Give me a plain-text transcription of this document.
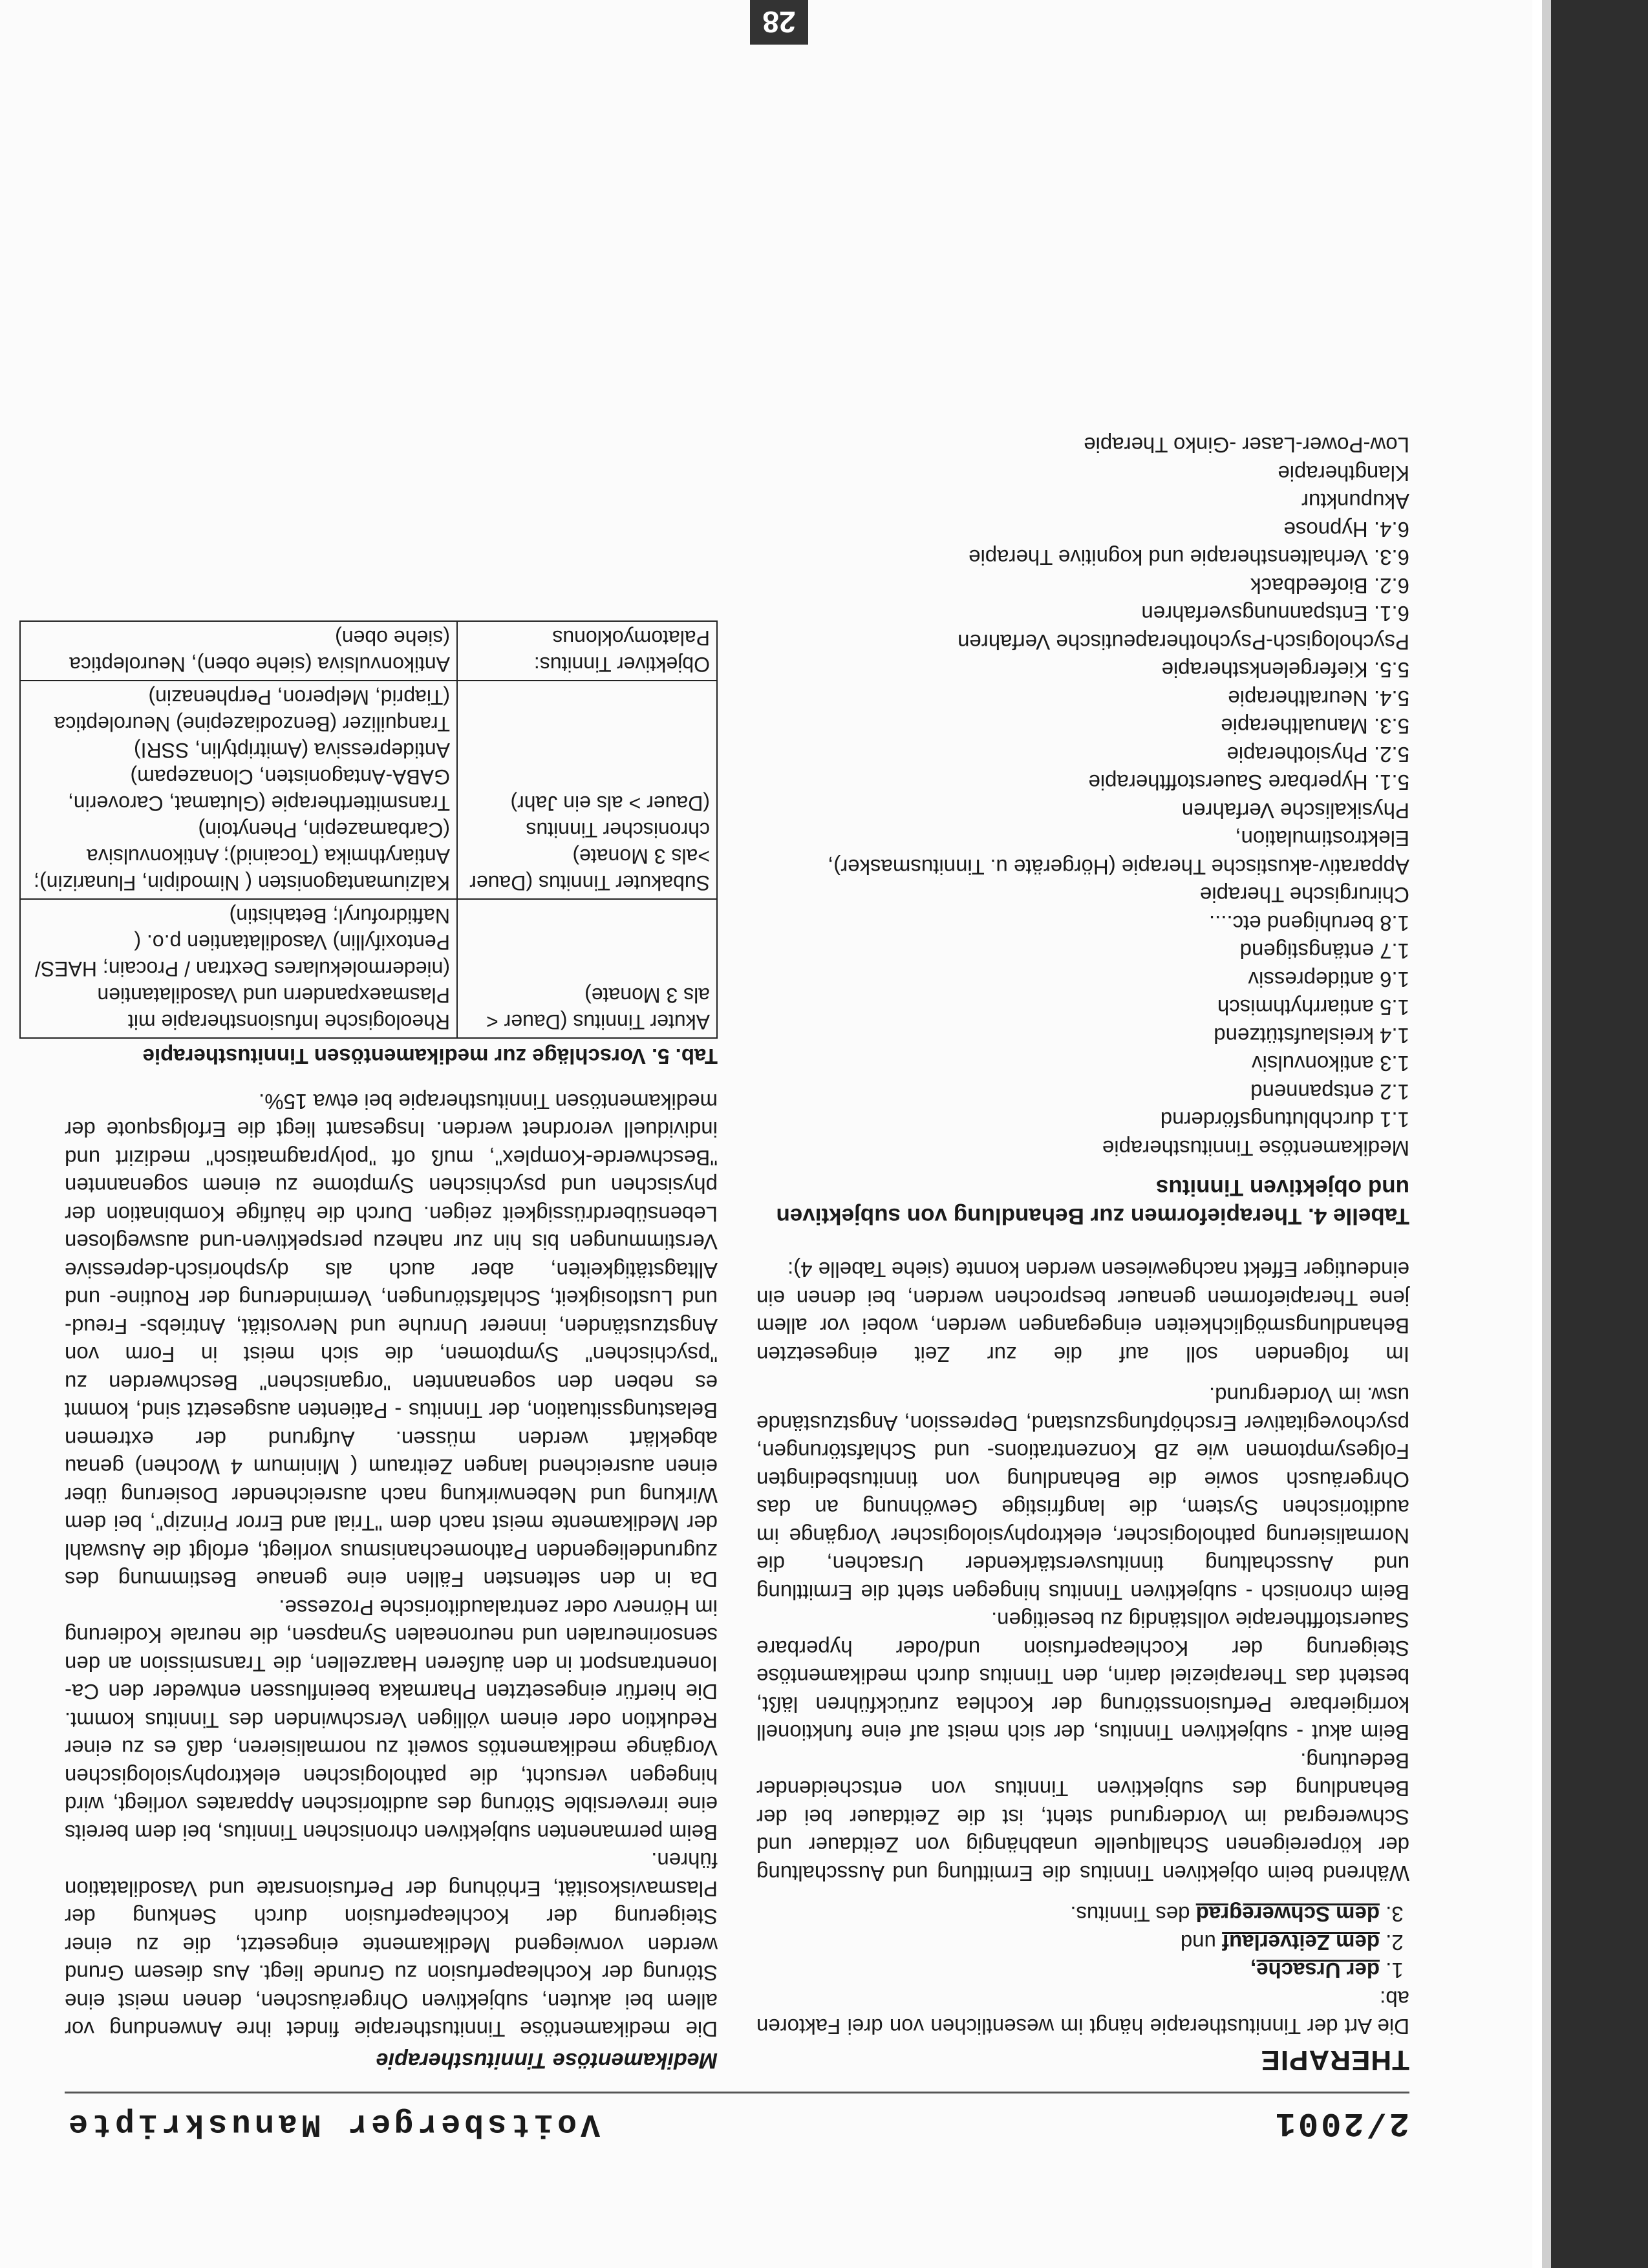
2/2001
Voitsberger Manuskripte
THERAPIE

Die Art der Tinnitustherapie hängt im wesentlichen von drei Faktoren ab:

1. der Ursache,
2. dem Zeitverlauf und
3. dem Schweregrad des Tinnitus.

Während beim objektiven Tinnitus die Ermittlung und Ausschaltung der körpereigenen Schallquelle unabhängig von Zeitdauer und Schweregrad im Vordergrund steht, ist die Zeitdauer bei der Behandlung des subjektiven Tinnitus von entscheidender Bedeutung.

Beim akut - subjektiven Tinnitus, der sich meist auf eine funktionell korrigierbare Perfusionsstörung der Kochlea zurückführen läßt, besteht das Therapieziel darin, den Tinnitus durch medikamentöse Steigerung der Kochleaperfusion und/oder hyperbare Sauerstofftherapie vollständig zu beseitigen.

Beim chronisch - subjektiven Tinnitus hingegen steht die Ermittlung und Ausschaltung tinnitusverstärkender Ursachen, die Normalisierung pathologischer, elektrophysiologischer Vorgänge im auditorischen System, die langfristige Gewöhnung an das Ohrgeräusch sowie die Behandlung von tinnitusbedingten Folgesymptomen wie zB Konzentrations- und Schlafstörungen, psychovegitativer Erschöpfungszustand, Depression, Angstzustände usw. im Vordergrund.

Im folgenden soll auf die zur Zeit eingesetzten Behandlungsmöglichkeiten eingegangen werden, wobei vor allem jene Therapieformen genauer besprochen werden, bei denen ein eindeutiger Effekt nachgewiesen werden konnte (siehe Tabelle 4):

Tabelle 4. Therapieformen zur Behandlung von subjektiven und objektiven Tinnitus
Medikamentöse Tinnitustherapie
1.1 durchblutungsfördernd
1.2 entspannend
1.3 antikonvulsiv
1.4 kreislaufstützend
1.5 antiarrhythmisch
1.6 antidepressiv
1.7 entängstigend
1.8 beruhigend etc....
Chirurgische Therapie
Apparativ-akustische Therapie (Hörgeräte u. Tinnitusmasker),
Elektrostimulation,
Physikalische Verfahren
5.1. Hyperbare Sauerstofftherapie
5.2. Physiotherapie
5.3. Manualtherapie
5.4. Neuraltherapie
5.5. Kiefergelenkstherapie
Psychologisch-Psychotherapeutische Verfahren
6.1. Entspannungsverfahren
6.2. Biofeedback
6.3. Verhaltenstherapie und kognitive Therapie
6.4. Hypnose
Akupunktur
Klangtherapie
Low-Power-Laser -Ginko Therapie
Medikamentöse Tinnitustherapie

Die medikamentöse Tinnitustherapie findet ihre Anwendung vor allem bei akuten, subjektiven Ohrgeräuschen, denen meist eine Störung der Kochleaperfusion zu Grunde liegt. Aus diesem Grund werden vorwiegend Medikamente eingesetzt, die zu einer Steigerung der Kochleaperfusion durch Senkung der Plasmaviskosität, Erhöhung der Perfusionsrate und Vasodilatation führen.

Beim permanenten subjektiven chronischen Tinnitus, bei dem bereits eine irreversible Störung des auditorischen Apparates vorliegt, wird hingegen versucht, die pathologischen elektrophysiologischen Vorgänge medikamentös soweit zu normalisieren, daß es zu einer Reduktion oder einem völligen Verschwinden des Tinnitus kommt. Die hierfür eingesetzten Pharmaka beeinflussen entweder den Ca-Ionentransport in den äußeren Haarzellen, die Transmission an den sensorineuralen und neuronealen Synapsen, die neurale Kodierung im Hörnerv oder zentralauditorische Prozesse.

Da in den seltensten Fällen eine genaue Bestimmung des zugrundeliegenden Pathomechanismus vorliegt, erfolgt die Auswahl der Medikamente meist nach dem "Trial and Error Prinzip", bei dem Wirkung und Nebenwirkung nach ausreichender Dosierung über einen ausreichend langen Zeitraum ( Minimum 4 Wochen) genau abgeklärt werden müssen. Aufgrund der extremen Belastungssituation, der Tinnitus - Patienten ausgesetzt sind, kommt es neben den sogenannten "organischen" Beschwerden zu "psychischen" Symptomen, die sich meist in Form von Angstzuständen, innerer Unruhe und Nervosität, Antriebs- Freud- und Lustlosigkeit, Schlafstörungen, Verminderung der Routine- und Alltagstätigkeiten, aber auch als dysphorisch-depressive Verstimmungen bis hin zur nahezu perspektiven-und ausweglosen Lebensüberdrüssigkeit zeigen. Durch die häufige Kombination der physischen und psychischen Symptome zu einem sogenannten "Beschwerde-Komplex", muß oft "polypragmatisch" medizirt und individuell verordnet werden. Insgesamt liegt die Erfolgsquote der medikamentösen Tinnitustherapie bei etwa 15%.

Tab. 5. Vorschläge zur medikamentösen Tinnitustherapie
Akuter Tinnitus (Dauer < als 3 Monate)	Rheologische Infusionstherapie mit Plasmaexpandern und Vasodilatantien (niedermolekulares Dextran / Procain; HAES/ Pentoxifyllin) Vasodilatantien p.o. ( Naftidrofuryl; Betahistin)
Subakuter Tinnitus (Dauer >als 3 Monate) chronischer Tinnitus (Dauer > als ein Jahr)	Kalziumantagonisten ( Nimodipin, Flunarizin); Antiarythmika (Tocainid); Antikonvulsiva (Carbamazepin, Phenytoin) Transmittertherapie (Glutamat, Caroverin, GABA-Antagonisten, Clonazepam) Antidepressiva (Amitriptylin, SSRI) Tranquilizer (Benzodiazepine) Neuroleptica (Tiaprid, Melperon, Perphenazin)
Objektiver Tinnitus: Palatomyoklonus	Antikonvulsiva (siehe oben), Neuroleptica (siehe oben)
28
